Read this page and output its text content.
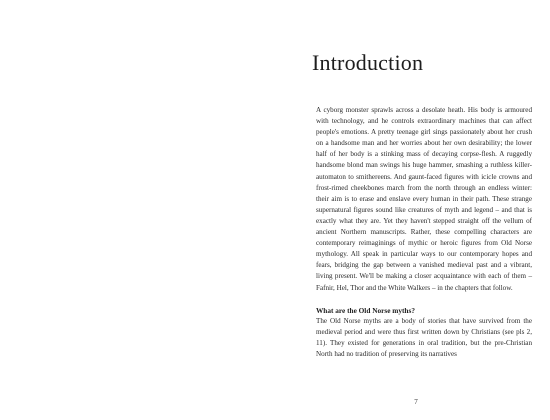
Introduction

A cyborg monster sprawls across a desolate heath. His body is armoured with technology, and he controls extraordinary machines that can affect people's emotions. A pretty teenage girl sings passionately about her crush on a handsome man and her worries about her own desirability; the lower half of her body is a stinking mass of decaying corpse-flesh. A ruggedly handsome blond man swings his huge hammer, smashing a ruthless killer-automaton to smithereens. And gaunt-faced figures with icicle crowns and frost-rimed cheekbones march from the north through an endless winter: their aim is to erase and enslave every human in their path. These strange supernatural figures sound like creatures of myth and legend – and that is exactly what they are. Yet they haven't stepped straight off the vellum of ancient Northern manuscripts. Rather, these compelling characters are contemporary reimaginings of mythic or heroic figures from Old Norse mythology. All speak in particular ways to our contemporary hopes and fears, bridging the gap between a vanished medieval past and a vibrant, living present. We'll be making a closer acquaintance with each of them – Fafnir, Hel, Thor and the White Walkers – in the chapters that follow.

What are the Old Norse myths?

The Old Norse myths are a body of stories that have survived from the medieval period and were thus first written down by Christians (see pls 2, 11). They existed for generations in oral tradition, but the pre-Christian North had no tradition of preserving its narratives

7
